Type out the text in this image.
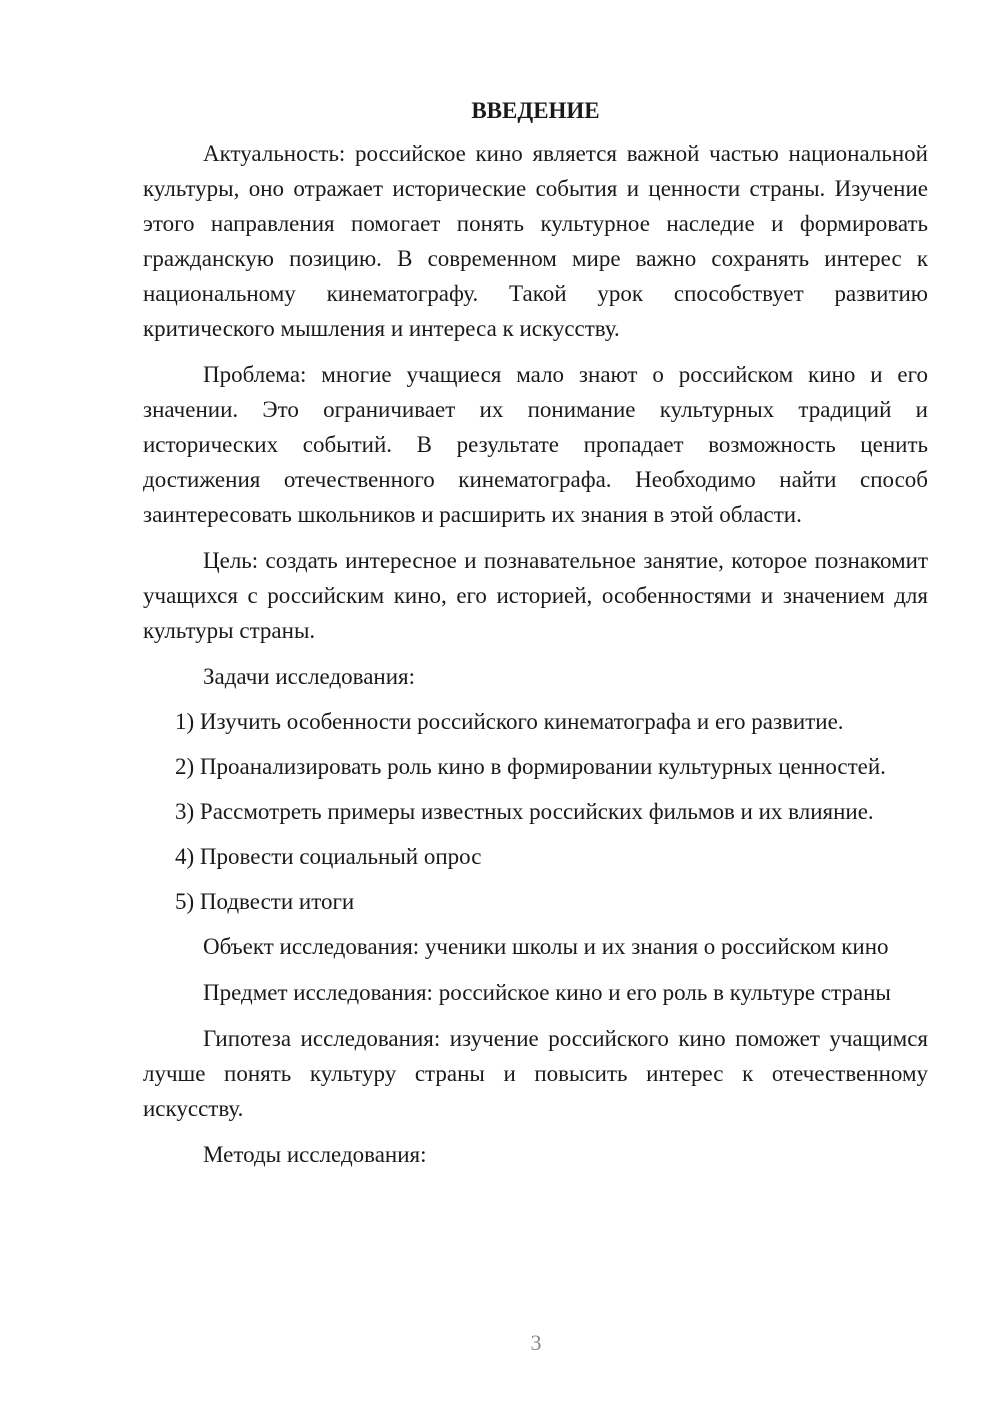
ВВЕДЕНИЕ

Актуальность: российское кино является важной частью национальной культуры, оно отражает исторические события и ценности страны. Изучение этого направления помогает понять культурное наследие и формировать гражданскую позицию. В современном мире важно сохранять интерес к национальному кинематографу. Такой урок способствует развитию критического мышления и интереса к искусству.

Проблема: многие учащиеся мало знают о российском кино и его значении. Это ограничивает их понимание культурных традиций и исторических событий. В результате пропадает возможность ценить достижения отечественного кинематографа. Необходимо найти способ заинтересовать школьников и расширить их знания в этой области.

Цель: создать интересное и познавательное занятие, которое познакомит учащихся с российским кино, его историей, особенностями и значением для культуры страны.

Задачи исследования:

1) Изучить особенности российского кинематографа и его развитие.
2) Проанализировать роль кино в формировании культурных ценностей.
3) Рассмотреть примеры известных российских фильмов и их влияние.
4) Провести социальный опрос
5) Подвести итоги

Объект исследования: ученики школы и их знания о российском кино

Предмет исследования: российское кино и его роль в культуре страны

Гипотеза исследования: изучение российского кино поможет учащимся лучше понять культуру страны и повысить интерес к отечественному искусству.

Методы исследования:

3
